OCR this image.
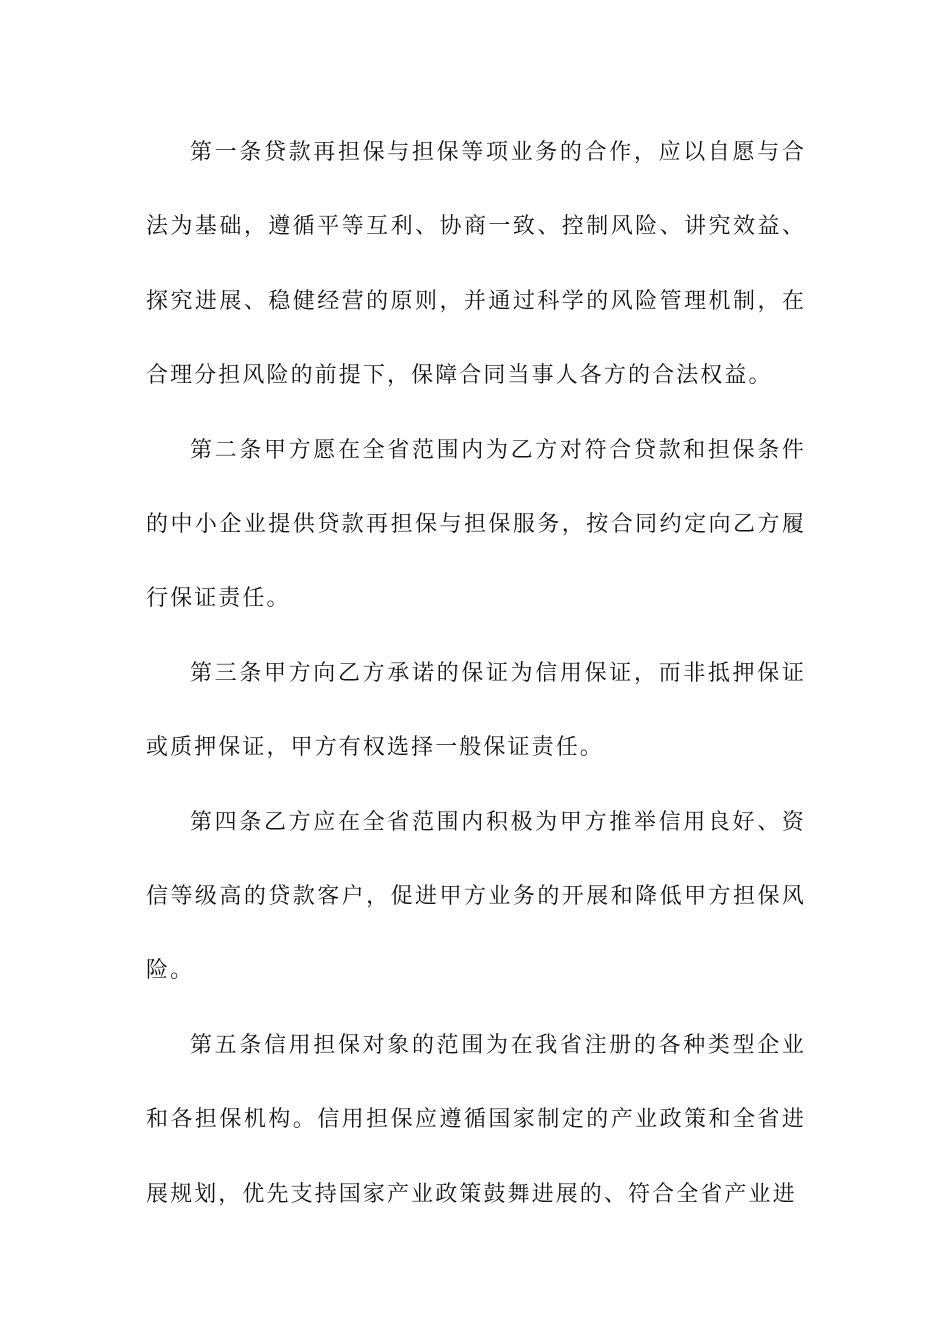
第一条贷款再担保与担保等项业务的合作，应以自愿与合法为基础，遵循平等互利、协商一致、控制风险、讲究效益、探究进展、稳健经营的原则，并通过科学的风险管理机制，在合理分担风险的前提下，保障合同当事人各方的合法权益。

第二条甲方愿在全省范围内为乙方对符合贷款和担保条件的中小企业提供贷款再担保与担保服务，按合同约定向乙方履行保证责任。

第三条甲方向乙方承诺的保证为信用保证，而非抵押保证或质押保证，甲方有权选择一般保证责任。

第四条乙方应在全省范围内积极为甲方推举信用良好、资信等级高的贷款客户，促进甲方业务的开展和降低甲方担保风险。

第五条信用担保对象的范围为在我省注册的各种类型企业和各担保机构。信用担保应遵循国家制定的产业政策和全省进展规划，优先支持国家产业政策鼓舞进展的、符合全省产业进
